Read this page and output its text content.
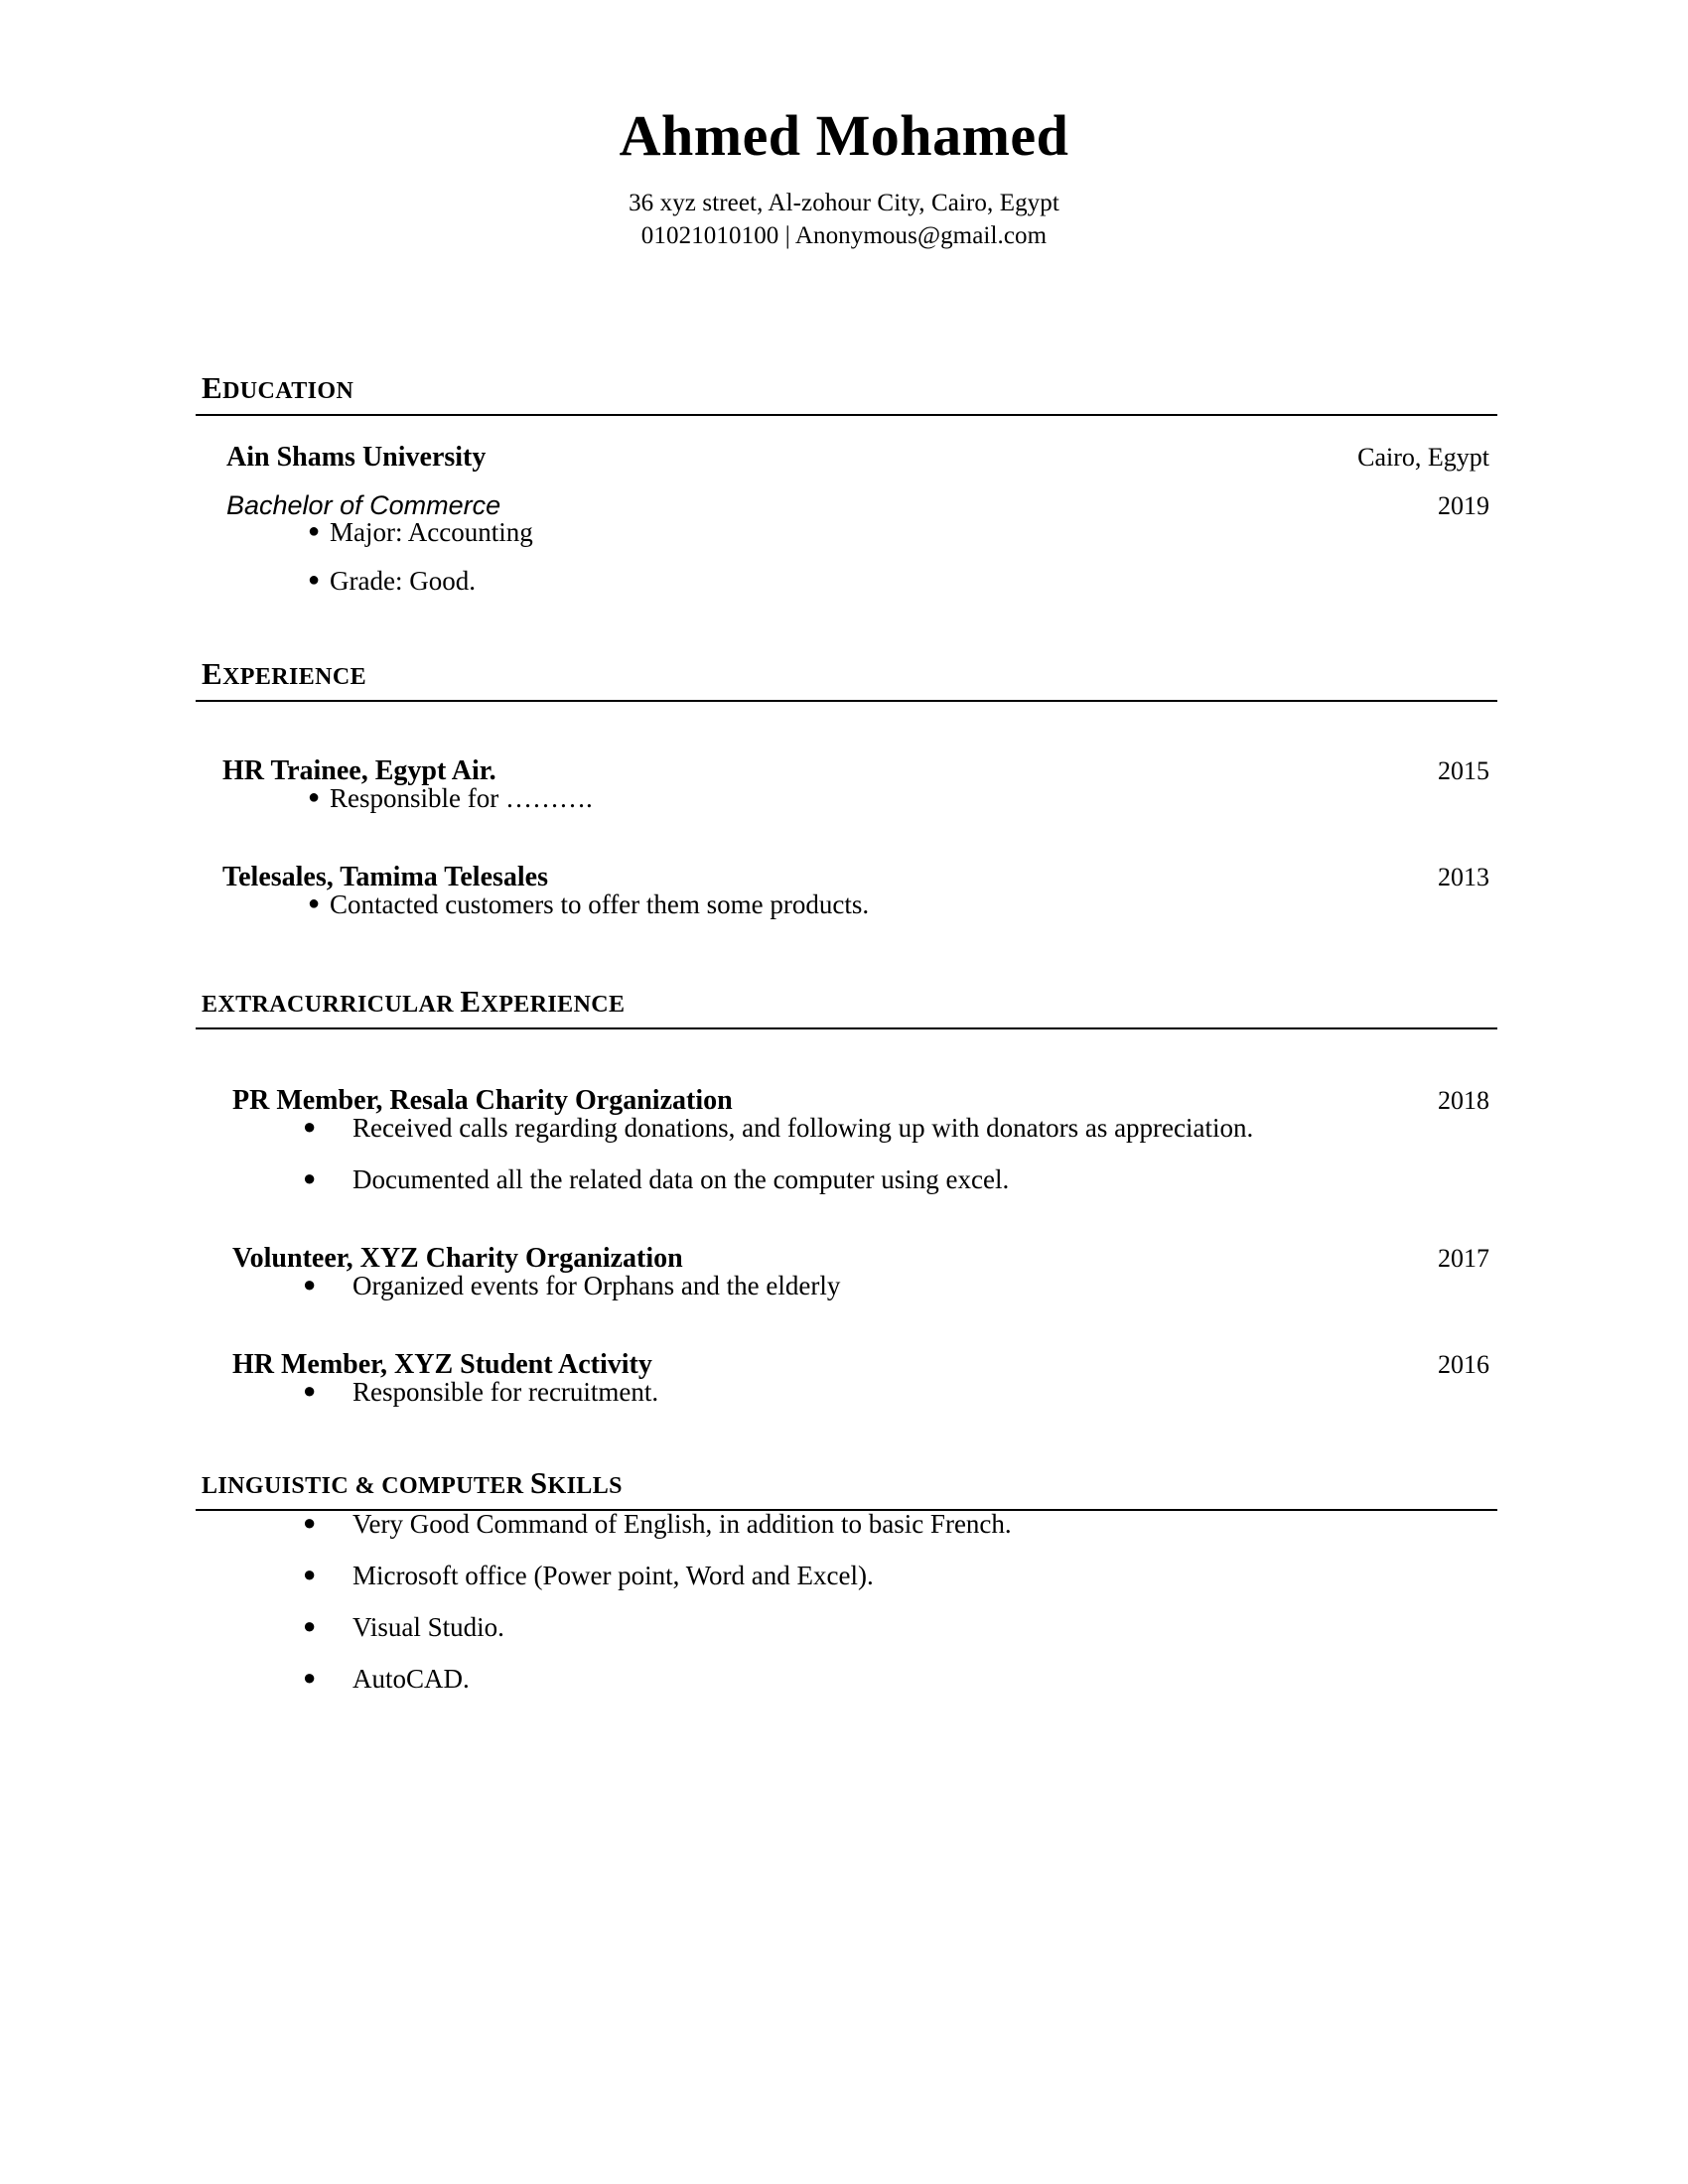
Ahmed Mohamed

36 xyz street, Al-zohour City, Cairo, Egypt

01021010100 | Anonymous@gmail.com

EDUCATION
Ain Shams University	Cairo, Egypt
Bachelor of Commerce	2019
● Major: Accounting
● Grade: Good.
EXPERIENCE
HR Trainee, Egypt Air.	2015
● Responsible for ……….
Telesales, Tamima Telesales	2013
● Contacted customers to offer them some products.
EXTRACURRICULAR EXPERIENCE
PR Member, Resala Charity Organization	2018
● Received calls regarding donations, and following up with donators as appreciation.
● Documented all the related data on the computer using excel.
Volunteer, XYZ Charity Organization	2017
● Organized events for Orphans and the elderly
HR Member, XYZ Student Activity	2016
● Responsible for recruitment.
LINGUISTIC & COMPUTER SKILLS
● Very Good Command of English, in addition to basic French.
● Microsoft office (Power point, Word and Excel).
● Visual Studio.
● AutoCAD.
